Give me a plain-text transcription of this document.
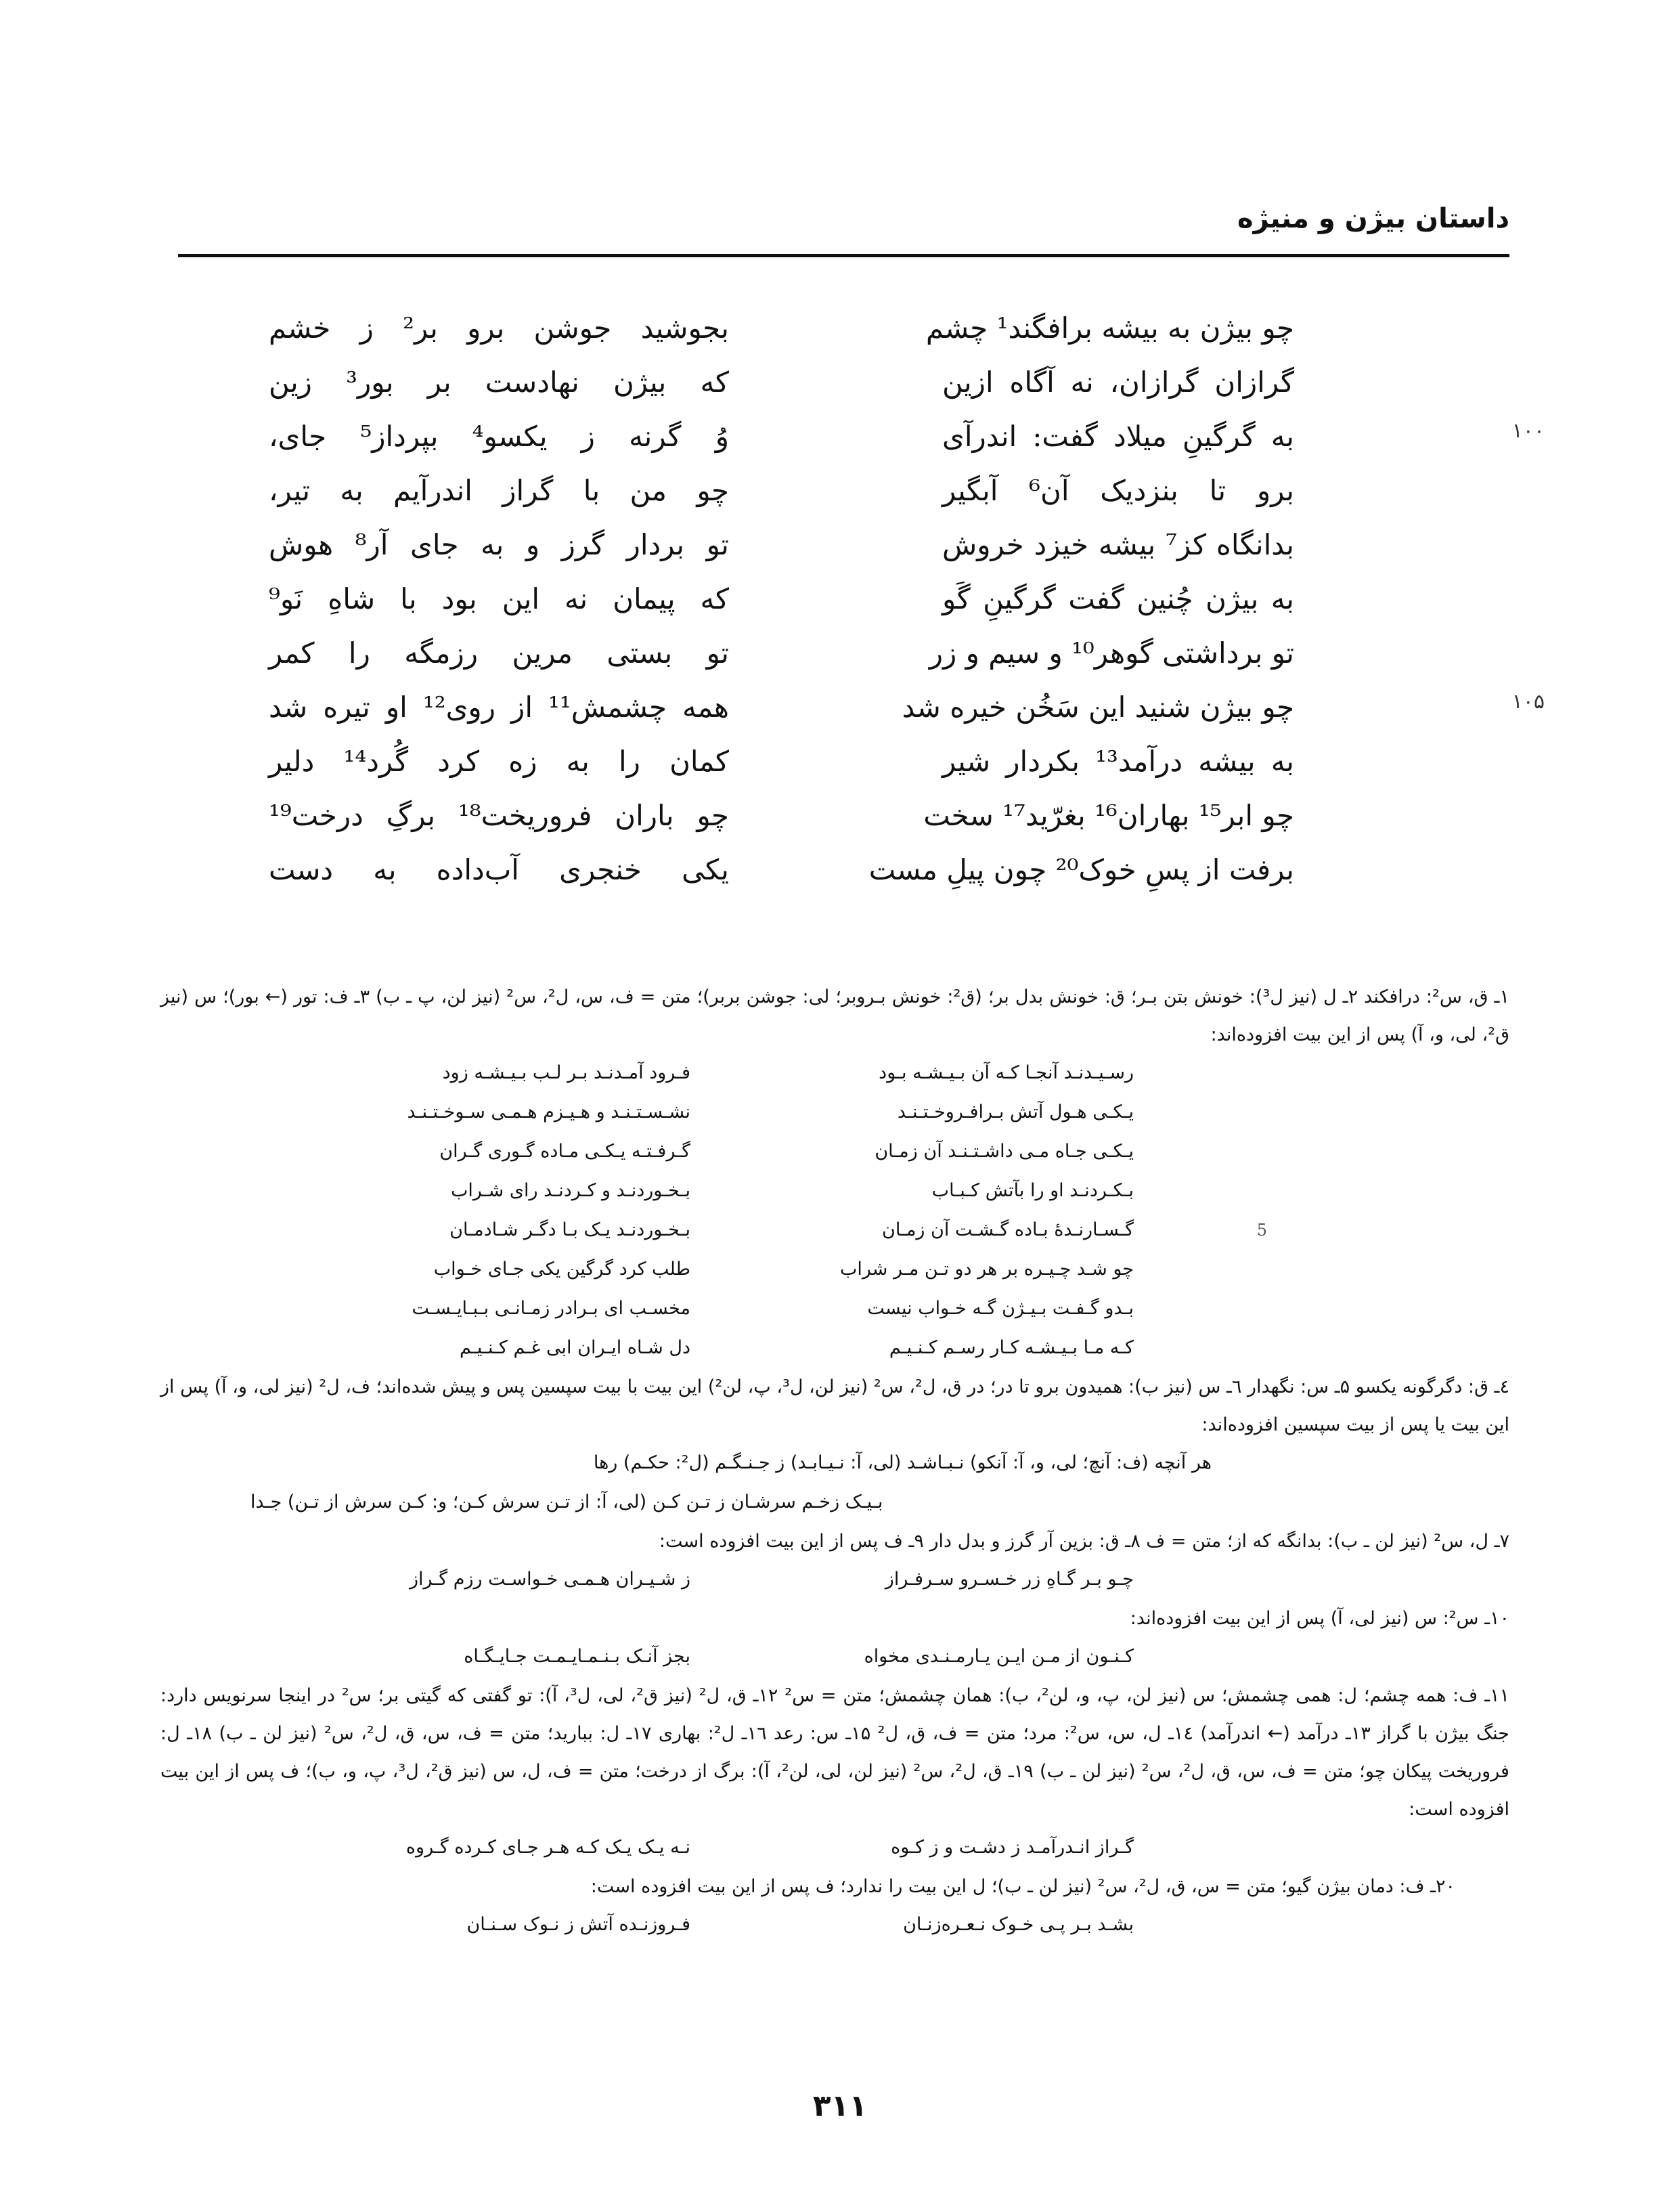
داستان بیژن و منیژه
چو بیژن به بیشه برافگند¹ چشم
بجوشید جوشن برو بر² ز خشم
گرازان گرازان، نه آگاه ازین
که بیژن نهادست بر بور³ زین
۱۰۰
به گرگینِ میلاد گفت: اندرآی
وُ گرنه ز یکسو⁴ بپرداز⁵ جای،
برو تا بنزدیک آن⁶ آبگیر
چو من با گراز اندرآیم به تیر،
بدانگاه کز⁷ بیشه خیزد خروش
تو بردار گرز و به جای آر⁸ هوش
به بیژن چُنین گفت گرگینِ گَو
که پیمان نه این بود با شاهِ نَو⁹
تو برداشتی گوهر¹⁰ و سیم و زر
تو بستی مرین رزمگه را کمر
۱۰۵
چو بیژن شنید این سَخُن خیره شد
همه چشمش¹¹ از روی¹² او تیره شد
به بیشه درآمد¹³ بکردار شیر
کمان را به زه کرد گُرد¹⁴ دلیر
چو ابر¹⁵ بهاران¹⁶ بغرّید¹⁷ سخت
چو باران فروریخت¹⁸ برگِ درخت¹⁹
برفت از پسِ خوک²⁰ چون پیلِ مست
یکی خنجری آب‌داده به دست

۱ـ ق، س²: درافکند ۲ـ ل (نیز ل³): خونش بتن بـر؛ ق: خونش بدل بر؛ (ق²: خونش بـروبر؛ لی: جوشن بربر)؛ متن = ف، س، ل²، س² (نیز لن، پ ـ ب) ۳ـ ف: تور (← بور)؛ س (نیز ق²، لی، و، آ) پس از این بیت افزوده‌اند:

رسـیـدنـد آنجـا کـه آن بـیـشـه بـود
فـرود آمـدنـد بـر لـب بـیـشـه زود
یـکـی هـول آتش بـرافـروخـتـنـد
نشـسـتـنـد و هـیـزم هـمـی سـوخـتـنـد
یـکـی جـاه مـی داشـتـنـد آن زمـان
گـرفـتـه یـکـی مـاده گـوری گـران
بـکـردنـد او را بآتش کـبـاب
بـخـوردنـد و کـردنـد رای شـراب
5
گـسـارنـدهٔ بـاده گـشـت آن زمـان
بـخـوردنـد یـک بـا دگـر شـادمـان
چو شـد چـیـره بر هر دو تـن مـر شراب
طلب کرد گرگین یکی جـای خـواب
بـدو گـفـت بـیـژن گـه خـواب نیست
مخسـب ای بـرادر زمـانـی بـبـایـسـت
کـه مـا بـیـشـه کـار رسـم کـنـیـم
دل شـاه ایـران ابی غـم کـنـیـم

٤ـ ق: دگرگونه یکسو ۵ـ س: نگهدار ٦ـ س (نیز ب): همیدون برو تا در؛ در ق، ل²، س² (نیز لن، ل³، پ، لن²) این بیت با بیت سپسین پس و پیش شده‌اند؛ ف، ل² (نیز لی، و، آ) پس از این بیت یا پس از بیت سپسین افزوده‌اند:

هر آنچه (ف: آنچ؛ لی، و، آ: آنکو) نـبـاشـد (لی، آ: نـیـابـد) ز جـنـگـم (ل²: حکـم) رها
بـیـک زخـم سرشـان ز تـن کـن (لی، آ: از تـن سرش کـن؛ و: کـن سرش از تـن) جـدا

۷ـ ل، س² (نیز لن ـ ب): بدانگه که از؛ متن = ف ۸ـ ق: بزین آر گرز و بدل دار ۹ـ ف پس از این بیت افزوده است:

چـو بـر گـاهِ زر خـسـرو سـرفـراز
ز شـیـران هـمـی خـواسـت رزم گـراز

۱۰ـ س²: س (نیز لی، آ) پس از این بیت افزوده‌اند:

کـنـون از مـن ایـن یـارمـنـدی مخواه
بجز آنـک بـنـمـایـمـت جـایـگـاه

۱۱ـ ف: همه چشم؛ ل: همی چشمش؛ س (نیز لن، پ، و، لن²، ب): همان چشمش؛ متن = س² ۱۲ـ ق، ل² (نیز ق²، لی، ل³، آ): تو گفتی که گیتی بر؛ س² در اینجا سرنویس دارد: جنگ بیژن با گراز ۱۳ـ درآمد (← اندرآمد) ۱٤ـ ل، س، س²: مرد؛ متن = ف، ق، ل² ۱۵ـ س: رعد ۱٦ـ ل²: بهاری ۱۷ـ ل: ببارید؛ متن = ف، س، ق، ل²، س² (نیز لن ـ ب) ۱۸ـ ل: فروریخت پیکان چو؛ متن = ف، س، ق، ل²، س² (نیز لن ـ ب) ۱۹ـ ق، ل²، س² (نیز لن، لی، لن²، آ): برگ از درخت؛ متن = ف، ل، س (نیز ق²، ل³، پ، و، ب)؛ ف پس از این بیت افزوده است:

گـراز انـدرآمـد ز دشـت و ز کـوه
نـه یـک یـک کـه هـر جـای کـرده گـروه

۲۰ـ ف: دمان بیژن گیو؛ متن = س، ق، ل²، س² (نیز لن ـ ب)؛ ل این بیت را ندارد؛ ف پس از این بیت افزوده است:

بشـد بـر پـی خـوک نـعـره‌زنـان
فـروزنـده آتش ز نـوک سـنـان
۳۱۱
